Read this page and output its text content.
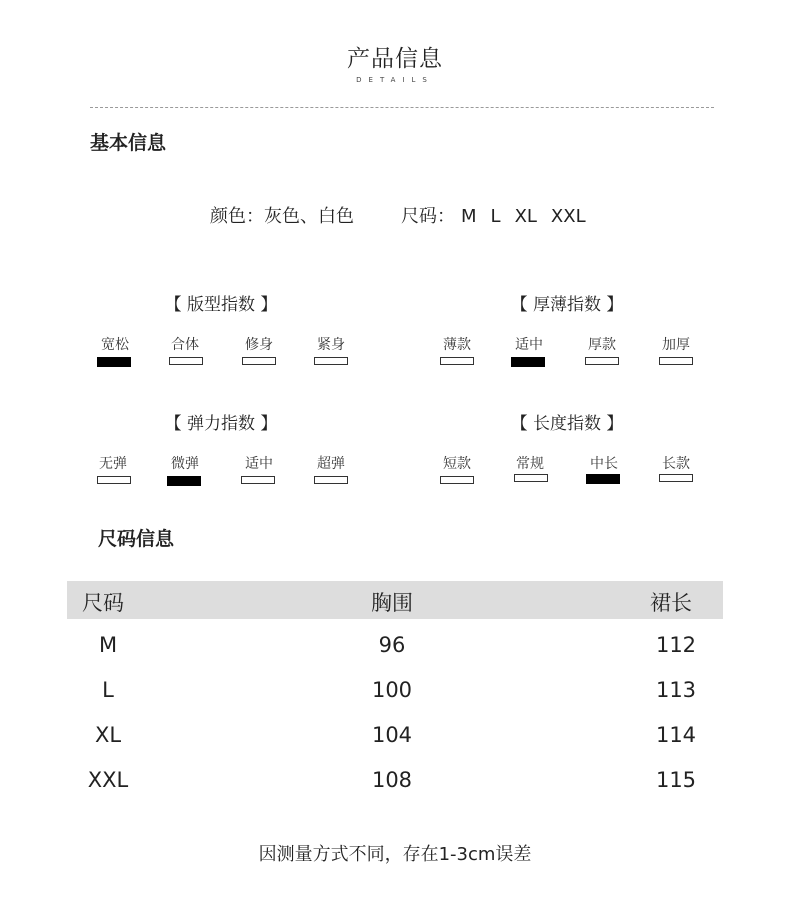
产品信息
DETAILS
基本信息
颜色：灰色、白色	尺码： M L XL XXL
【 版型指数 】
宽松	合体	修身	紧身
【 厚薄指数 】
薄款	适中	厚款	加厚
【 弹力指数 】
无弹	微弹	适中	超弹
【 长度指数 】
短款	常规	中长	长款
尺码信息
尺码	胸围	裙长
M	96	112
L	100	113
XL	104	114
XXL	108	115
因测量方式不同，存在1-3cm误差
